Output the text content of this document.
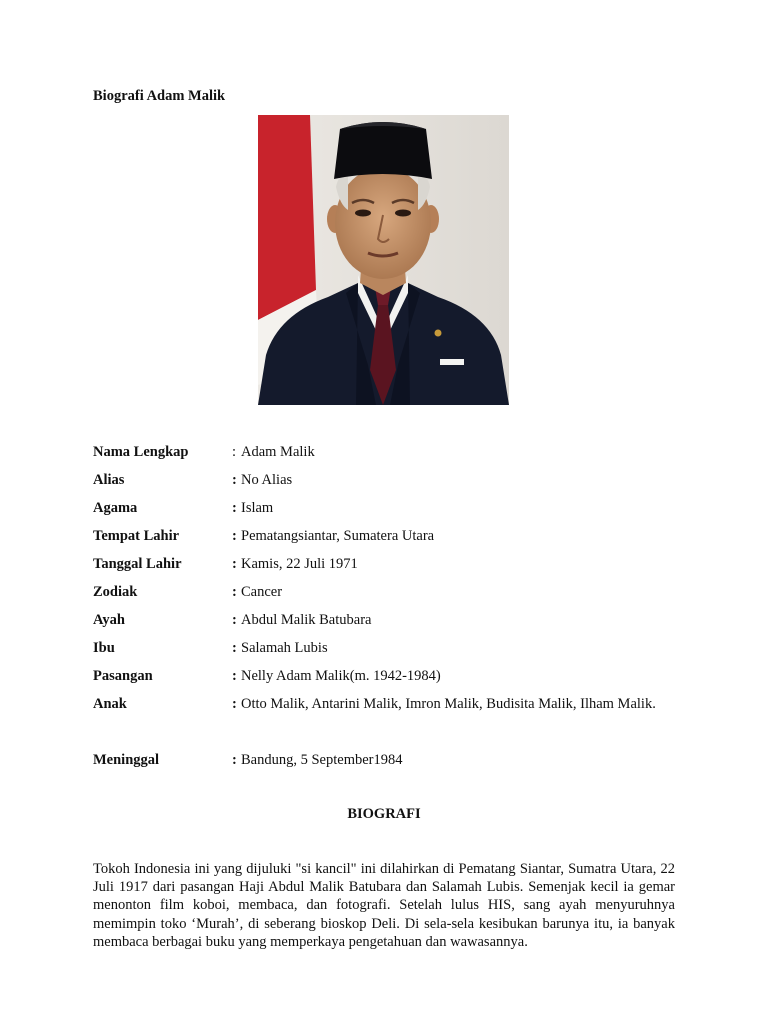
Biografi Adam Malik
Nama Lengkap	: Adam Malik
Alias	: No Alias
Agama	: Islam
Tempat Lahir	: Pematangsiantar, Sumatera Utara
Tanggal Lahir	: Kamis, 22 Juli 1971
Zodiak	: Cancer
Ayah	: Abdul Malik Batubara
Ibu	: Salamah Lubis
Pasangan	: Nelly Adam Malik(m. 1942-1984)
Anak	: Otto Malik, Antarini Malik, Imron Malik, Budisita Malik, Ilham Malik.
Meninggal	: Bandung, 5 September1984
BIOGRAFI

Tokoh Indonesia ini yang dijuluki "si kancil" ini dilahirkan di Pematang Siantar, Sumatra Utara, 22 Juli 1917 dari pasangan Haji Abdul Malik Batubara dan Salamah Lubis. Semenjak kecil ia gemar menonton film koboi, membaca, dan fotografi. Setelah lulus HIS, sang ayah menyuruhnya memimpin toko ‘Murah’, di seberang bioskop Deli. Di sela-sela kesibukan barunya itu, ia banyak membaca berbagai buku yang memperkaya pengetahuan dan wawasannya.
